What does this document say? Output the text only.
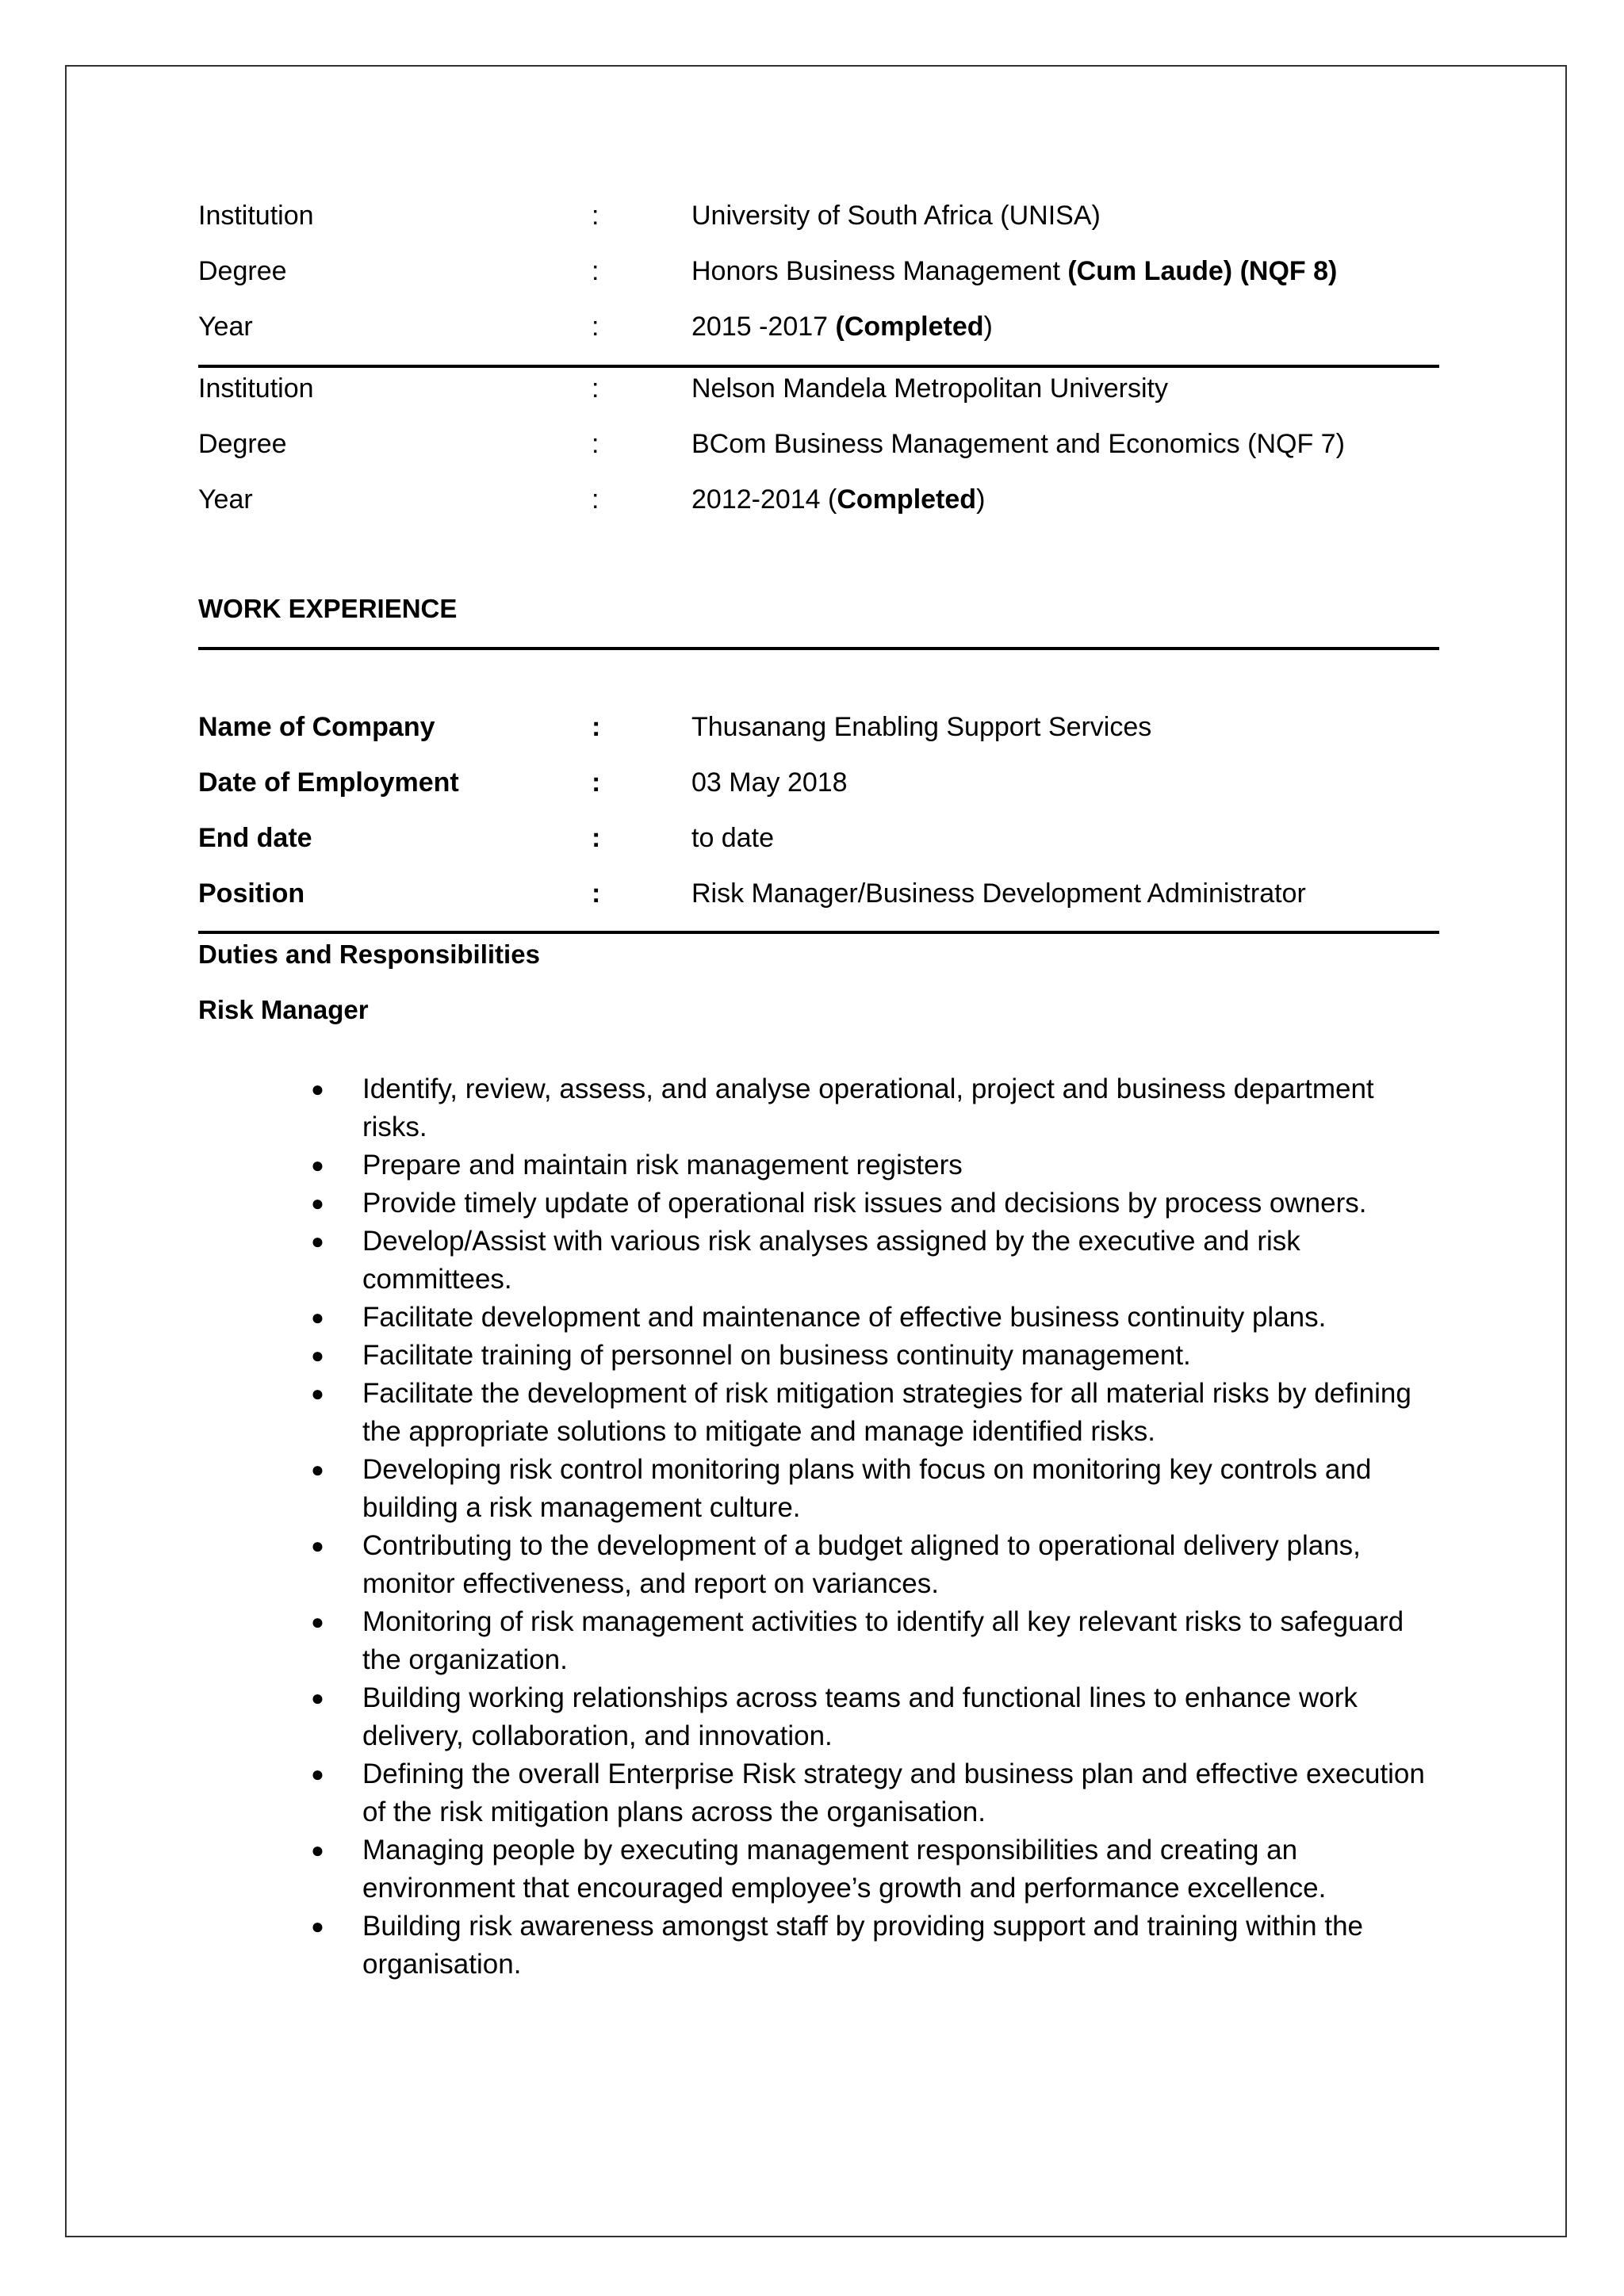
Institution	:	University of South Africa (UNISA)
Degree	:	Honors Business Management (Cum Laude) (NQF 8)
Year	:	2015 -2017 (Completed)
Institution	:	Nelson Mandela Metropolitan University
Degree	:	BCom Business Management and Economics (NQF 7)
Year	:	2012-2014 (Completed)
WORK EXPERIENCE
Name of Company	:	Thusanang Enabling Support Services
Date of Employment	:	03 May 2018
End date	:	to date
Position	:	Risk Manager/Business Development Administrator
Duties and Responsibilities
Risk Manager
● Identify, review, assess, and analyse operational, project and business department risks.
● Prepare and maintain risk management registers
● Provide timely update of operational risk issues and decisions by process owners.
● Develop/Assist with various risk analyses assigned by the executive and risk committees.
● Facilitate development and maintenance of effective business continuity plans.
● Facilitate training of personnel on business continuity management.
● Facilitate the development of risk mitigation strategies for all material risks by defining the appropriate solutions to mitigate and manage identified risks.
● Developing risk control monitoring plans with focus on monitoring key controls and building a risk management culture.
● Contributing to the development of a budget aligned to operational delivery plans, monitor effectiveness, and report on variances.
● Monitoring of risk management activities to identify all key relevant risks to safeguard the organization.
● Building working relationships across teams and functional lines to enhance work delivery, collaboration, and innovation.
● Defining the overall Enterprise Risk strategy and business plan and effective execution of the risk mitigation plans across the organisation.
● Managing people by executing management responsibilities and creating an environment that encouraged employee’s growth and performance excellence.
● Building risk awareness amongst staff by providing support and training within the organisation.
